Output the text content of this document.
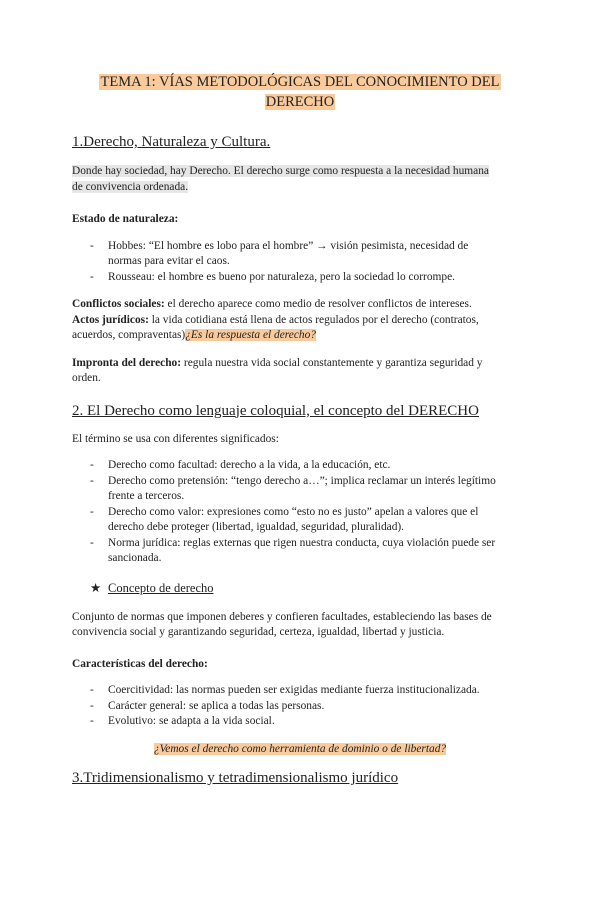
TEMA 1: VÍAS METODOLÓGICAS DEL CONOCIMIENTO DEL
DERECHO
1.Derecho, Naturaleza y Cultura.

Donde hay sociedad, hay Derecho. El derecho surge como respuesta a la necesidad humana
de convivencia ordenada.

Estado de naturaleza:

- Hobbes: “El hombre es lobo para el hombre” → visión pesimista, necesidad de
normas para evitar el caos.
- Rousseau: el hombre es bueno por naturaleza, pero la sociedad lo corrompe.

Conflictos sociales: el derecho aparece como medio de resolver conflictos de intereses.
Actos jurídicos: la vida cotidiana está llena de actos regulados por el derecho (contratos,
acuerdos, compraventas)¿Es la respuesta el derecho?

Impronta del derecho: regula nuestra vida social constantemente y garantiza seguridad y
orden.

2. El Derecho como lenguaje coloquial, el concepto del DERECHO

El término se usa con diferentes significados:

- Derecho como facultad: derecho a la vida, a la educación, etc.
- Derecho como pretensión: “tengo derecho a…”; implica reclamar un interés legítimo
frente a terceros.
- Derecho como valor: expresiones como “esto no es justo” apelan a valores que el
derecho debe proteger (libertad, igualdad, seguridad, pluralidad).
- Norma jurídica: reglas externas que rigen nuestra conducta, cuya violación puede ser
sancionada.
★ Concepto de derecho

Conjunto de normas que imponen deberes y confieren facultades, estableciendo las bases de
convivencia social y garantizando seguridad, certeza, igualdad, libertad y justicia.

Características del derecho:

- Coercitividad: las normas pueden ser exigidas mediante fuerza institucionalizada.
- Carácter general: se aplica a todas las personas.
- Evolutivo: se adapta a la vida social.

¿Vemos el derecho como herramienta de dominio o de libertad?

3.Tridimensionalismo y tetradimensionalismo jurídico
